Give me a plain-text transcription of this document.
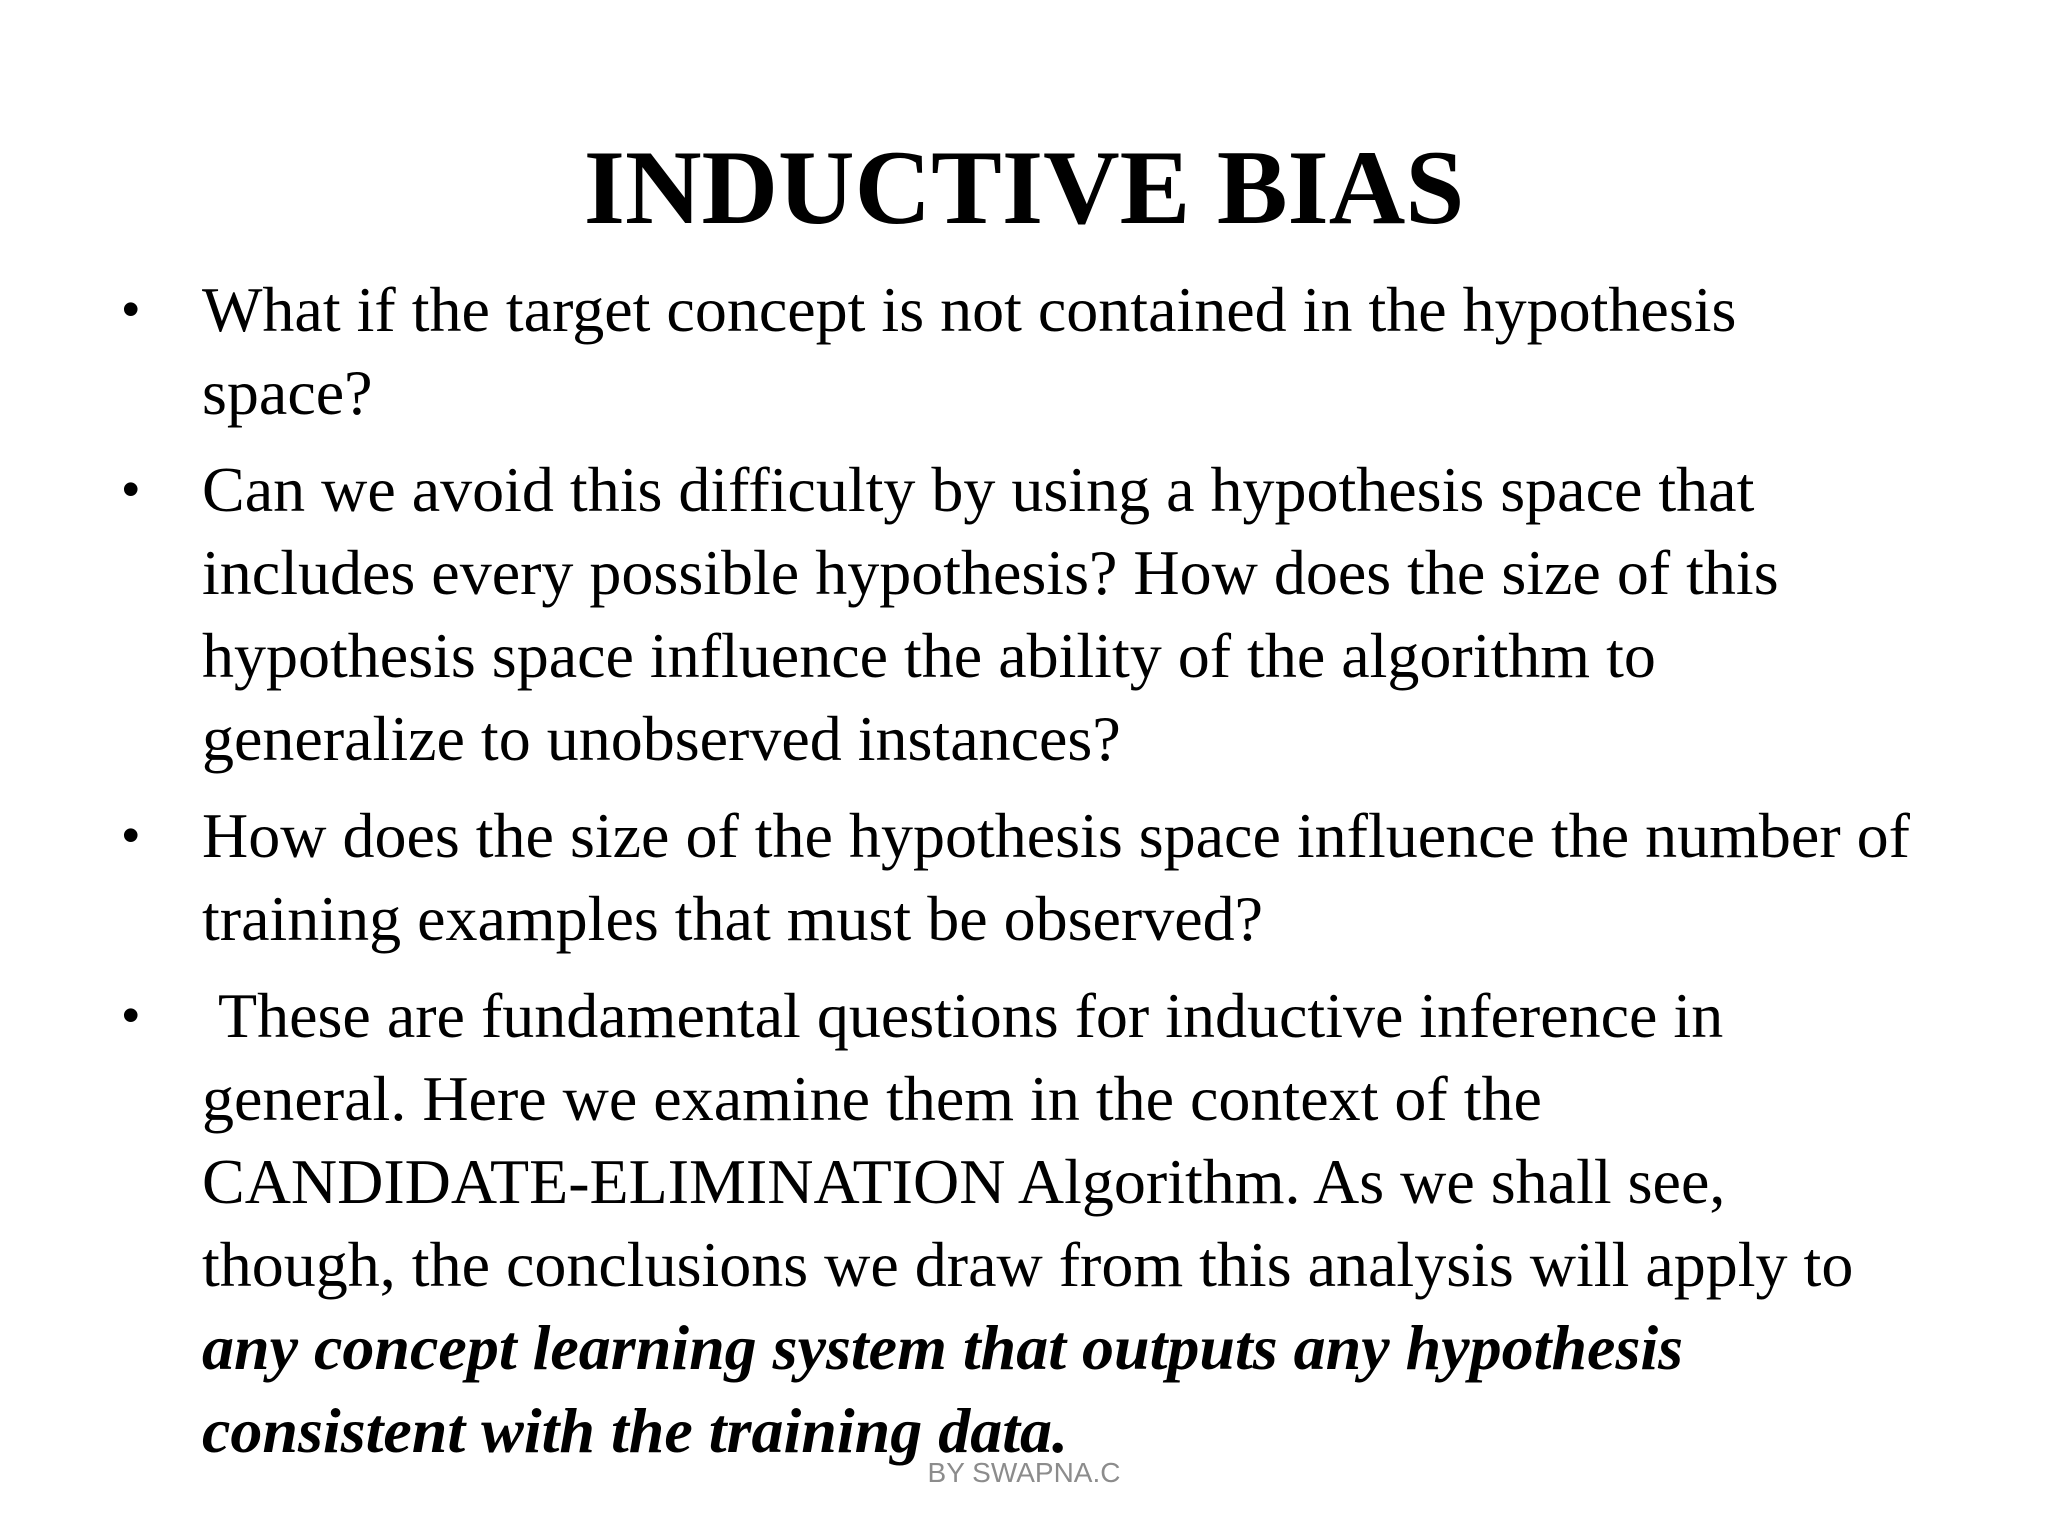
INDUCTIVE BIAS
• What if the target concept is not contained in the hypothesis space?
• Can we avoid this difficulty by using a hypothesis space that includes every possible hypothesis? How does the size of this hypothesis space influence the ability of the algorithm to generalize to unobserved instances?
• How does the size of the hypothesis space influence the number of training examples that must be observed?
• These are fundamental questions for inductive inference in general. Here we examine them in the context of the CANDIDATE-ELIMINATION Algorithm. As we shall see, though, the conclusions we draw from this analysis will apply to any concept learning system that outputs any hypothesis consistent with the training data.
BY SWAPNA.C
